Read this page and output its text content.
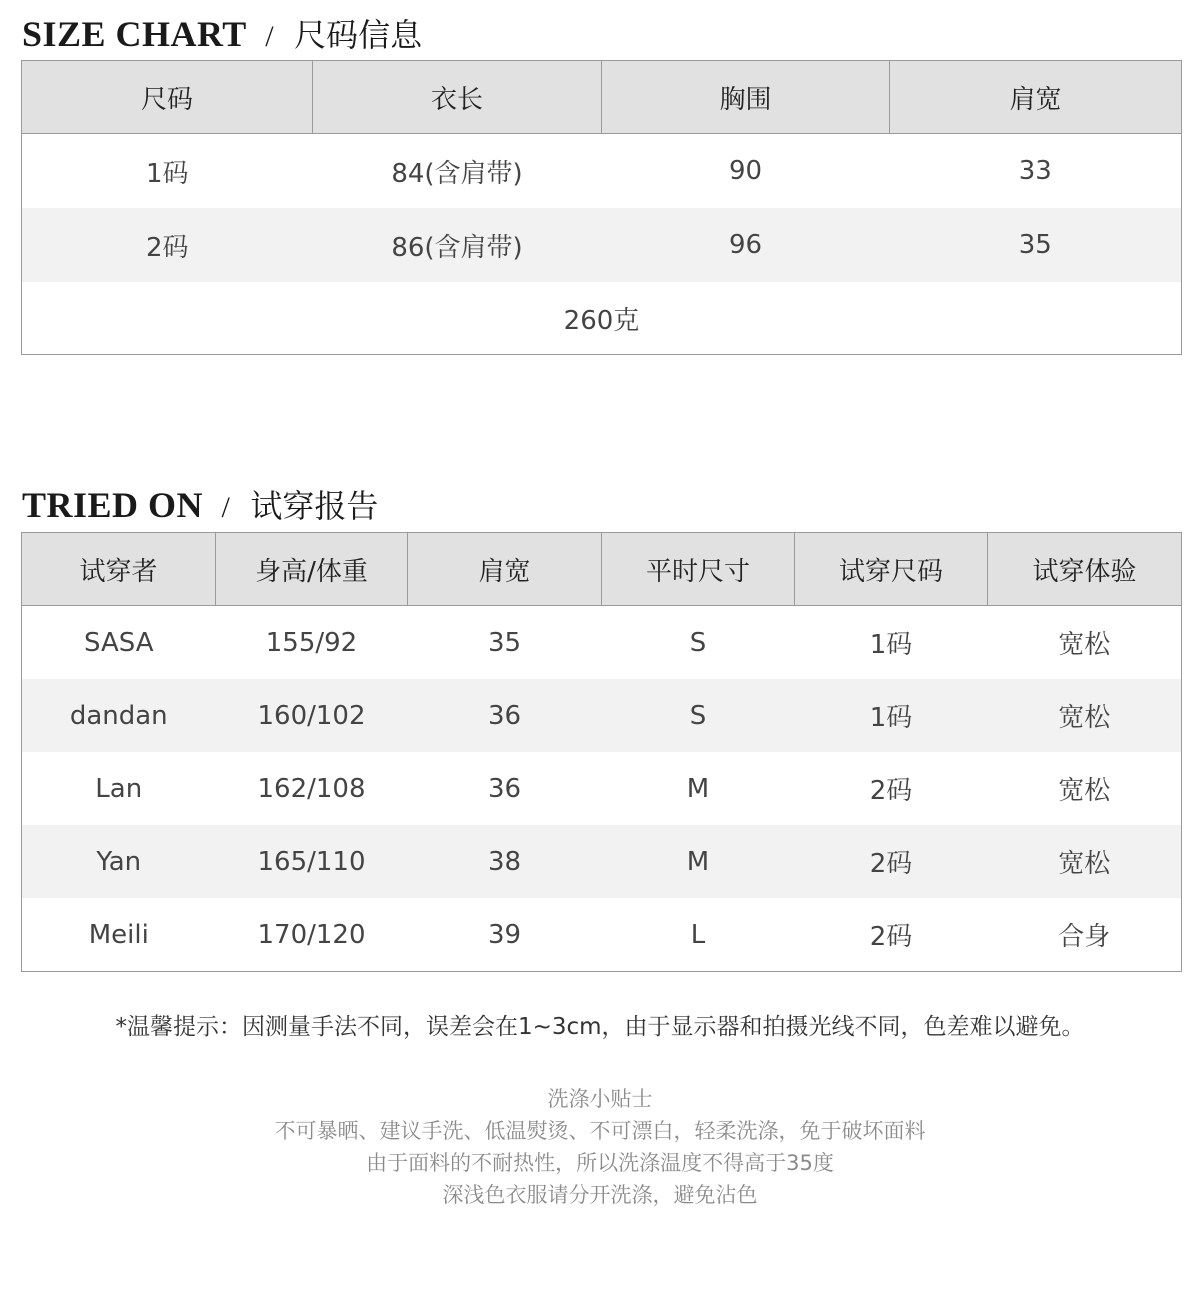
SIZE CHART / 尺码信息
尺码	衣长	胸围	肩宽
1码	84(含肩带)	90	33
2码	86(含肩带)	96	35
260克			
TRIED ON / 试穿报告
试穿者	身高/体重	肩宽	平时尺寸	试穿尺码	试穿体验
SASA	155/92	35	S	1码	宽松
dandan	160/102	36	S	1码	宽松
Lan	162/108	36	M	2码	宽松
Yan	165/110	38	M	2码	宽松
Meili	170/120	39	L	2码	合身
*温馨提示：因测量手法不同，误差会在1~3cm，由于显示器和拍摄光线不同，色差难以避免。
洗涤小贴士
不可暴晒、建议手洗、低温熨烫、不可漂白，轻柔洗涤，免于破坏面料
由于面料的不耐热性，所以洗涤温度不得高于35度
深浅色衣服请分开洗涤，避免沾色
